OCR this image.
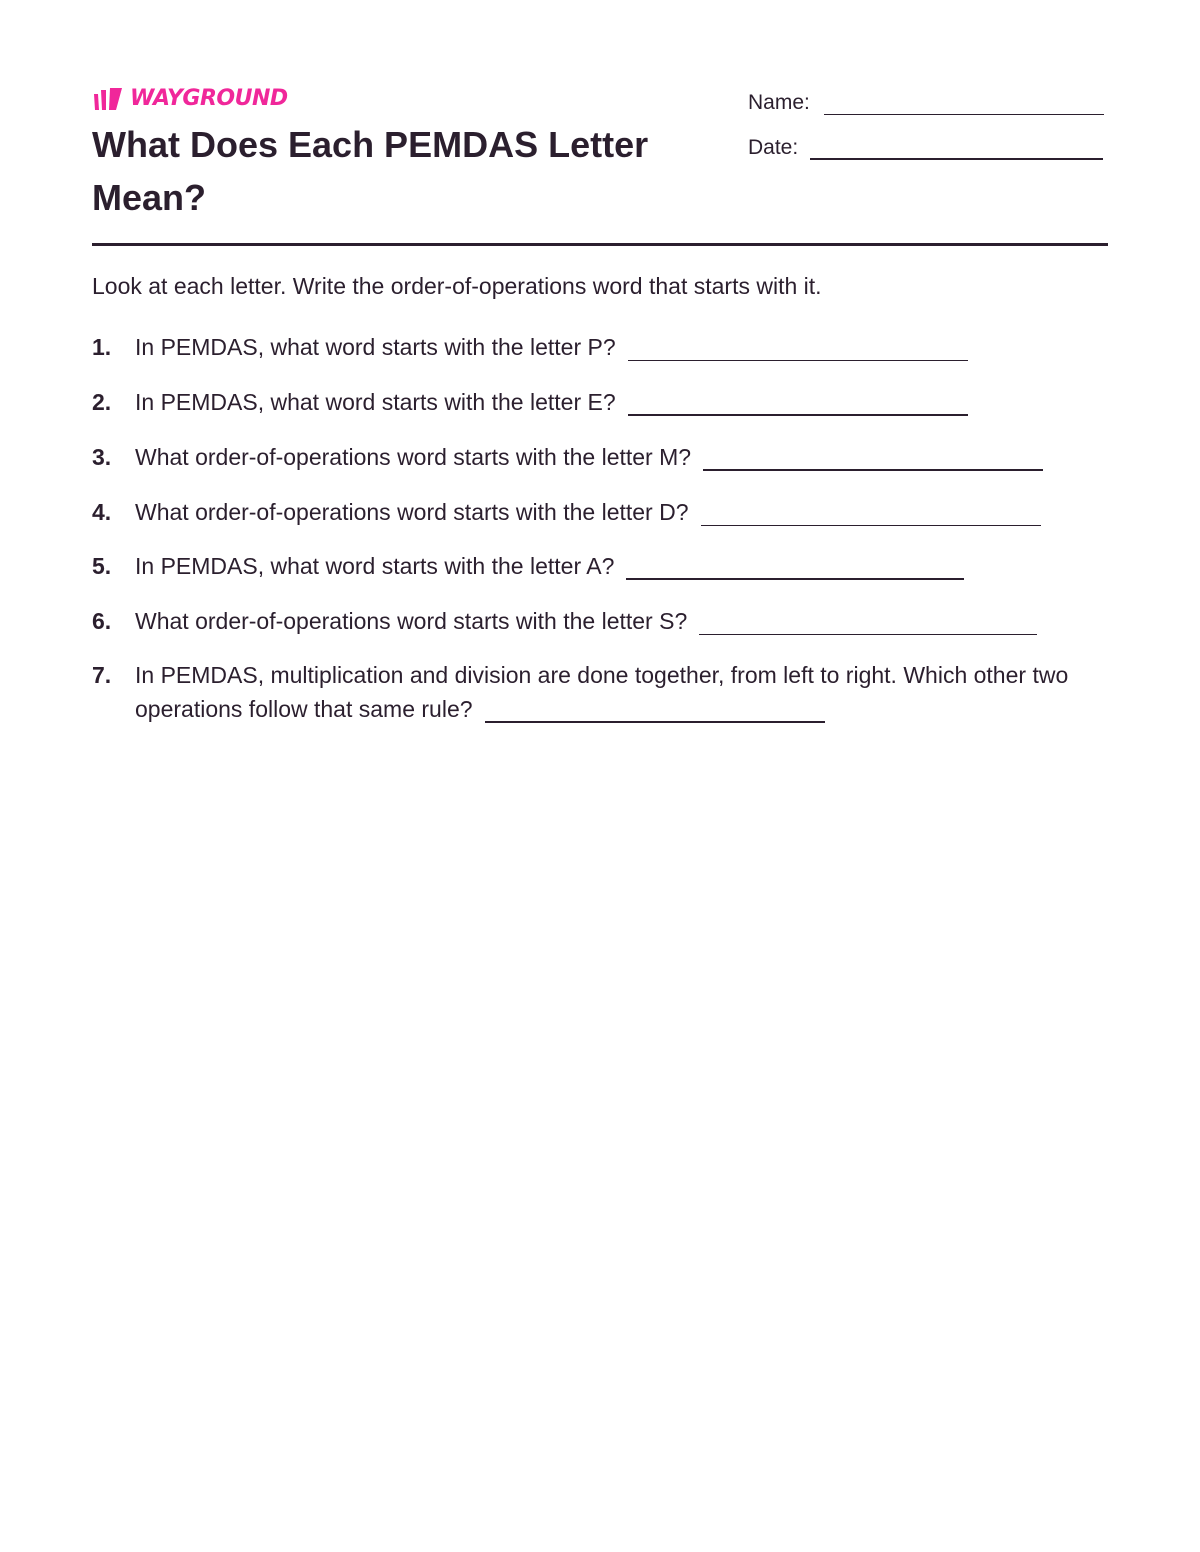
WAYGROUND
What Does Each PEMDAS Letter Mean?
Name:
Date:

Look at each letter. Write the order-of-operations word that starts with it.

1.	In PEMDAS, what word starts with the letter P?
2.	In PEMDAS, what word starts with the letter E?
3.	What order-of-operations word starts with the letter M?
4.	What order-of-operations word starts with the letter D?
5.	In PEMDAS, what word starts with the letter A?
6.	What order-of-operations word starts with the letter S?
7.	In PEMDAS, multiplication and division are done together, from left to right. Which other two operations follow that same rule?
